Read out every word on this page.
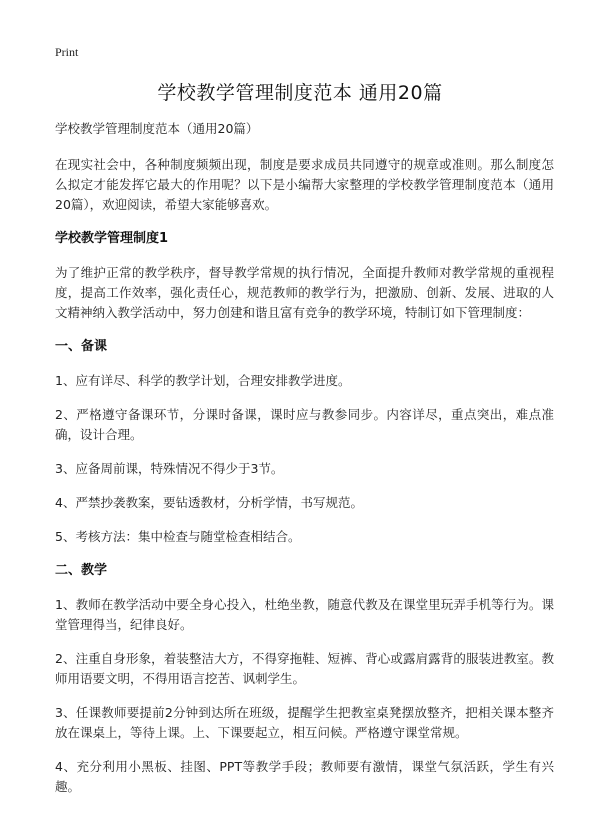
Print
学校教学管理制度范本 通用20篇

学校教学管理制度范本（通用20篇）

在现实社会中，各种制度频频出现，制度是要求成员共同遵守的规章或准则。那么制度怎么拟定才能发挥它最大的作用呢？以下是小编帮大家整理的学校教学管理制度范本（通用20篇），欢迎阅读，希望大家能够喜欢。

学校教学管理制度1

为了维护正常的教学秩序，督导教学常规的执行情况，全面提升教师对教学常规的重视程度，提高工作效率，强化责任心，规范教师的教学行为，把激励、创新、发展、进取的人文精神纳入教学活动中，努力创建和谐且富有竞争的教学环境，特制订如下管理制度：

一、备课

1、应有详尽、科学的教学计划，合理安排教学进度。

2、严格遵守备课环节，分课时备课，课时应与教参同步。内容详尽，重点突出，难点准确，设计合理。

3、应备周前课，特殊情况不得少于3节。

4、严禁抄袭教案，要钻透教材，分析学情，书写规范。

5、考核方法：集中检查与随堂检查相结合。

二、教学

1、教师在教学活动中要全身心投入，杜绝坐教，随意代教及在课堂里玩弄手机等行为。课堂管理得当，纪律良好。

2、注重自身形象，着装整洁大方，不得穿拖鞋、短裤、背心或露肩露背的服装进教室。教师用语要文明，不得用语言挖苦、讽刺学生。

3、任课教师要提前2分钟到达所在班级，提醒学生把教室桌凳摆放整齐，把相关课本整齐放在课桌上，等待上课。上、下课要起立，相互问候。严格遵守课堂常规。

4、充分利用小黑板、挂图、PPT等教学手段；教师要有激情，课堂气氛活跃，学生有兴趣。
